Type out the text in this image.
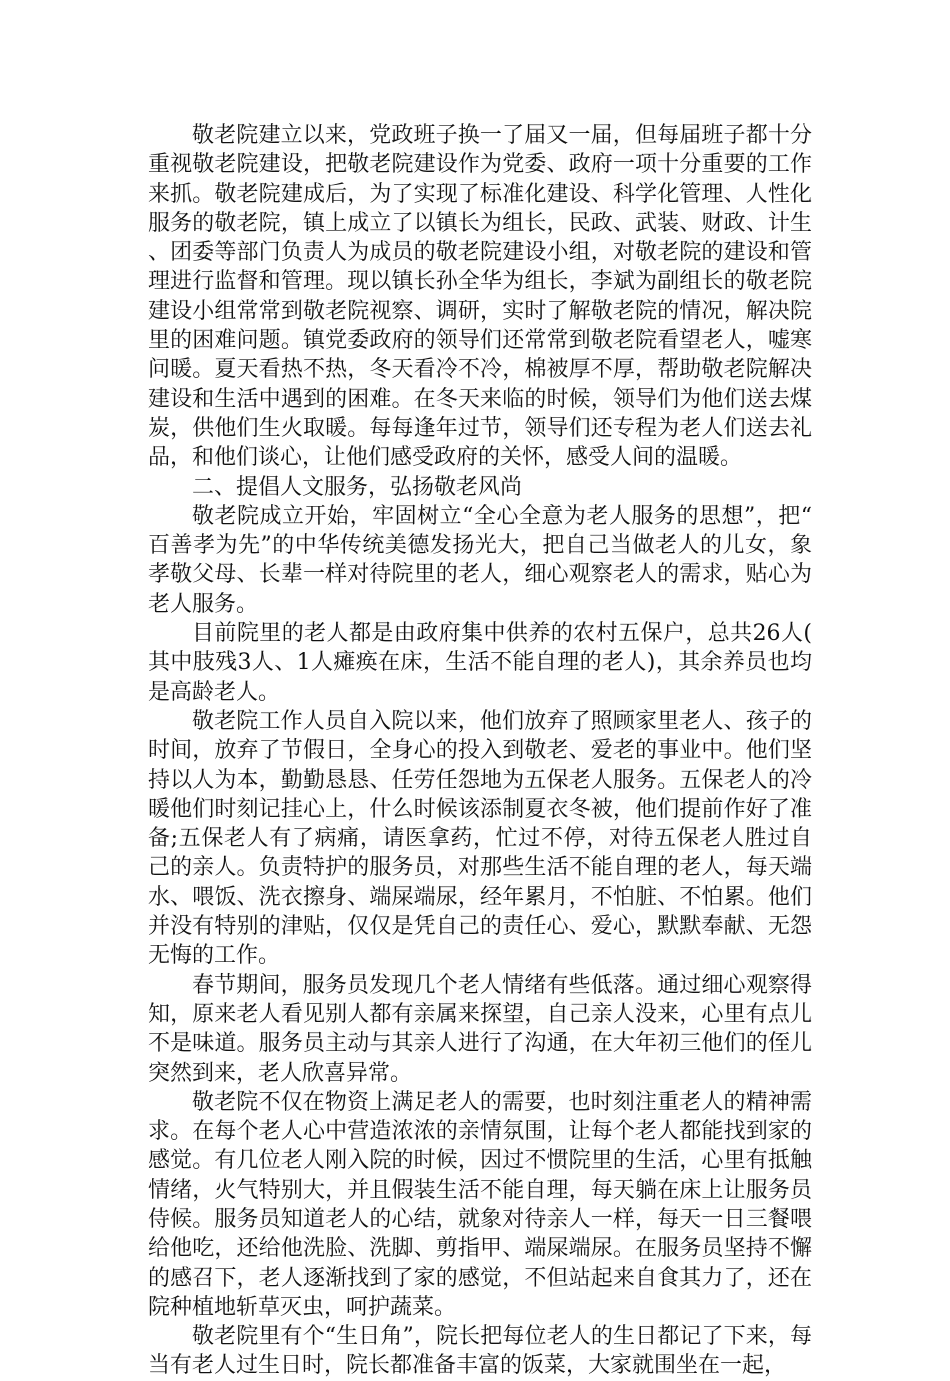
敬老院建立以来，党政班子换一了届又一届，但每届班子都十分重视敬老院建设，把敬老院建设作为党委、政府一项十分重要的工作来抓。敬老院建成后，为了实现了标准化建设、科学化管理、人性化服务的敬老院，镇上成立了以镇长为组长，民政、武装、财政、计生、团委等部门负责人为成员的敬老院建设小组，对敬老院的建设和管理进行监督和管理。现以镇长孙全华为组长，李斌为副组长的敬老院建设小组常常到敬老院视察、调研，实时了解敬老院的情况，解决院里的困难问题。镇党委政府的领导们还常常到敬老院看望老人，嘘寒问暖。夏天看热不热，冬天看冷不冷，棉被厚不厚，帮助敬老院解决建设和生活中遇到的困难。在冬天来临的时候，领导们为他们送去煤炭，供他们生火取暖。每每逢年过节，领导们还专程为老人们送去礼品，和他们谈心，让他们感受政府的关怀，感受人间的温暖。

二、提倡人文服务，弘扬敬老风尚

敬老院成立开始，牢固树立“全心全意为老人服务的思想”，把“百善孝为先”的中华传统美德发扬光大，把自己当做老人的儿女，象孝敬父母、长辈一样对待院里的老人，细心观察老人的需求，贴心为老人服务。

目前院里的老人都是由政府集中供养的农村五保户，总共26人(其中肢残3人、1人瘫痪在床，生活不能自理的老人)，其余养员也均是高龄老人。

敬老院工作人员自入院以来，他们放弃了照顾家里老人、孩子的时间，放弃了节假日，全身心的投入到敬老、爱老的事业中。他们坚持以人为本，勤勤恳恳、任劳任怨地为五保老人服务。五保老人的冷暖他们时刻记挂心上，什么时候该添制夏衣冬被，他们提前作好了准备;五保老人有了病痛，请医拿药，忙过不停，对待五保老人胜过自己的亲人。负责特护的服务员，对那些生活不能自理的老人，每天端水、喂饭、洗衣擦身、端屎端尿，经年累月，不怕脏、不怕累。他们并没有特别的津贴，仅仅是凭自己的责任心、爱心，默默奉献、无怨无悔的工作。

春节期间，服务员发现几个老人情绪有些低落。通过细心观察得知，原来老人看见别人都有亲属来探望，自己亲人没来，心里有点儿不是味道。服务员主动与其亲人进行了沟通，在大年初三他们的侄儿突然到来，老人欣喜异常。

敬老院不仅在物资上满足老人的需要，也时刻注重老人的精神需求。在每个老人心中营造浓浓的亲情氛围，让每个老人都能找到家的感觉。有几位老人刚入院的时候，因过不惯院里的生活，心里有抵触情绪，火气特别大，并且假装生活不能自理，每天躺在床上让服务员侍候。服务员知道老人的心结，就象对待亲人一样，每天一日三餐喂给他吃，还给他洗脸、洗脚、剪指甲、端屎端尿。在服务员坚持不懈的感召下，老人逐渐找到了家的感觉，不但站起来自食其力了，还在院种植地斩草灭虫，呵护蔬菜。

敬老院里有个“生日角”，院长把每位老人的生日都记了下来，每当有老人过生日时，院长都准备丰富的饭菜，大家就围坐在一起，
